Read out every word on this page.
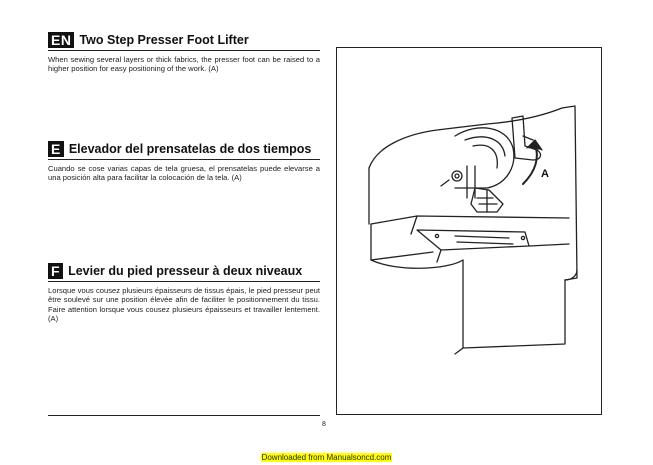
EN Two Step Presser Foot Lifter
When sewing several layers or thick fabrics, the presser foot can be raised to a higher position for easy positioning of the work. (A)
E Elevador del prensatelas de dos tiempos
Cuando se cose varias capas de tela gruesa, el prensatelas puede elevarse a una posición alta para facilitar la colocación de la tela. (A)
F Levier du pied presseur à deux niveaux
Lorsque vous cousez plusieurs épaisseurs de tissus épais, le pied presseur peut être soulevé sur une position élevée afin de faciliter le positionnement du tissu. Faire attention lorsque vous cousez plusieurs épaisseurs et travailler lentement. (A)
8
A
Downloaded from Manualsoncd.com
